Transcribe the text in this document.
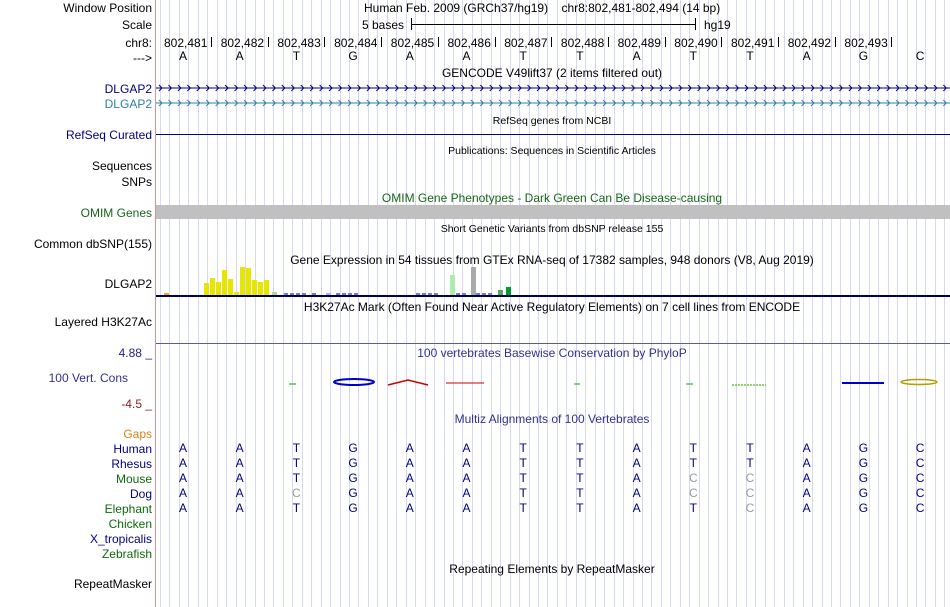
Window Position	Human Feb. 2009 (GRCh37/hg19)    chr8:802,481-802,494 (14 bp)
Scale	5 bases	hg19
chr8: 802,481 802,482 802,483 802,484 802,485 802,486 802,487 802,488 802,489 802,490 802,491 802,492 802,493
---> A	A	T	G	A	A	T	T	A	T	T	A	G	C
GENCODE V49lift37 (2 items filtered out)
DLGAP2
DLGAP2
RefSeq genes from NCBI
RefSeq Curated
Publications: Sequences in Scientific Articles
Sequences
SNPs
OMIM Gene Phenotypes - Dark Green Can Be Disease-causing
OMIM Genes
Short Genetic Variants from dbSNP release 155
Common dbSNP(155)
Gene Expression in 54 tissues from GTEx RNA-seq of 17382 samples, 948 donors (V8, Aug 2019)
DLGAP2
H3K27Ac Mark (Often Found Near Active Regulatory Elements) on 7 cell lines from ENCODE
Layered H3K27Ac
100 vertebrates Basewise Conservation by PhyloP
4.88 _
100 Vert. Cons
-4.5 _
Multiz Alignments of 100 Vertebrates
Gaps
Human A	A	T	G	A	A	T	T	A	T	T	A	G	C
Rhesus A	A	T	G	A	A	T	T	A	T	T	A	G	C
Mouse A	A	T	G	A	A	T	T	A	C	C	A	G	C
Dog A	A	C	G	A	A	T	T	A	C	C	A	G	C
Elephant A	A	T	G	A	A	T	T	A	T	C	A	G	C
Chicken
X_tropicalis
Zebrafish
Repeating Elements by RepeatMasker
RepeatMasker
